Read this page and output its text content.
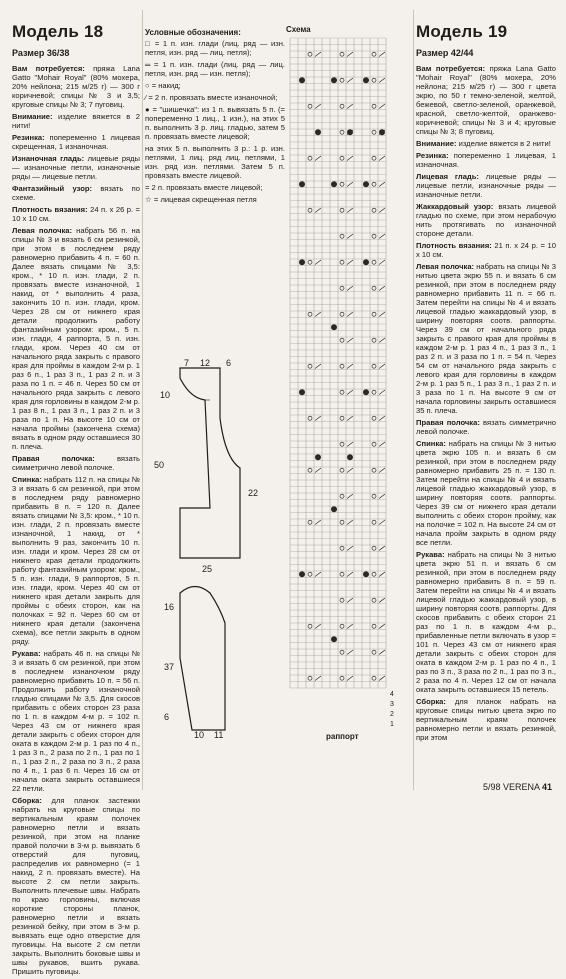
Модель 18
Размер 36/38

Вам потребуется: пряжа Lana Gatto "Mohair Royal" (80% мохера, 20% нейлона; 215 м/25 г) — 300 г коричневой; спицы № 3 и 3,5; круговые спицы № 3; 7 пуговиц.

Внимание: изделие вяжется в 2 нити!

Резинка: попеременно 1 лицевая скрещенная, 1 изнаночная.

Изнаночная гладь: лицевые ряды — изнаночные петли, изнаночные ряды — лицевые петли.

Фантазийный узор: вязать по схеме.

Плотность вязания: 24 п. x 26 р. = 10 x 10 см.

Левая полочка: набрать 56 п. на спицы № 3 и вязать 6 см резинкой, при этом в последнем ряду равномерно прибавить 4 п. = 60 п. Далее вязать спицами № 3,5: кром., * 10 п. изн. глади, 2 п. провязать вместе изнаночной, 1 накид, от * выполнить 4 раза, закончить 10 п. изн. глади, кром. Через 28 см от нижнего края детали продолжить работу фантазийным узором: кром., 5 п. изн. глади, 4 раппорта, 5 п. изн. глади, кром. Через 40 см от начального ряда закрыть с правого края для проймы в каждом 2-м р. 1 раз 6 п., 1 раз 3 п., 1 раз 2 п. и 3 раза по 1 п. = 46 п. Через 50 см от начального ряда закрыть с левого края для горловины в каждом 2-м р. 1 раз 8 п., 1 раз 3 п., 1 раз 2 п. и 3 раза по 1 п. На высоте 10 см от начала проймы (закончена схема) вязать в одном ряду оставшиеся 30 п. плеча.

Правая полочка:	вязать симметрично левой полочке.

Спинка: набрать 112 п. на спицы № 3 и вязать 6 см резинкой, при этом в последнем ряду равномерно прибавить 8 п. = 120 п. Далее вязать спицами № 3,5: кром., * 10 п. изн. глади, 2 п. провязать вместе изнаночной, 1 накид, от * выполнить 9 раз, закончить 10 п. изн. глади и кром. Через 28 см от нижнего края детали продолжить работу фантазийным узором: кром., 5 п. изн. глади, 9 раппортов, 5 п. изн. глади, кром. Через 40 см от нижнего края детали закрыть для проймы с обеих сторон, как на полочках = 92 п. Через 60 см от нижнего края детали (закончена схема), все петли закрыть в одном ряду.

Рукава: набрать 46 п. на спицы № 3 и вязать 6 см резинкой, при этом в последнем изнаночном ряду равномерно прибавить 10 п. = 56 п. Продолжить работу изнаночной гладью спицами № 3,5. Для скосов прибавить с обеих сторон 23 раза по 1 п. в каждом 4-м р. = 102 п. Через 43 см от нижнего края детали закрыть с обеих сторон для оката в каждом 2-м р. 1 раз по 4 п., 1 раз 3 п., 2 раза по 2 п., 1 раз по 1 п., 1 раз 2 п., 2 раза по 3 п., 2 раза по 4 п., 1 раз 6 п. Через 16 см от начала оката закрыть оставшиеся 22 петли.

Сборка: для планок застежки набрать на круговые спицы по вертикальным краям полочек равномерно петли и вязать резинкой, при этом на планке правой полочки в 3-м р. вывязать 6 отверстий для пуговиц, распределив их равномерно (= 1 накид, 2 п. провязать вместе). На высоте 2 см петли закрыть. Выполнить плечевые швы. Набрать по краю горловины, включая короткие стороны планок, равномерно петли и вязать резинкой бейку, при этом в 3-м р. вывязать еще одно отверстие для пуговицы. На высоте 2 см петли закрыть. Выполнить боковые швы и швы рукавов, вшить рукава. Пришить пуговицы.

Условные обозначения:

□ = 1 п. изн. глади (лиц. ряд — изн. петля, изн. ряд — лиц. петля);

═ = 1 п. изн. глади (лиц. ряд — лиц. петля, изн. ряд — изн. петля);

○ = накид;

⁄ = 2 п. провязать вместе изнаночной;

● = "шишечка": из 1 п. вывязать 5 п. (= попеременно 1 лиц., 1 изн.), на этих 5 п. выполнить 3 р. лиц. гладью, затем 5 п. провязать вместе лицевой;

на этих 5 п. выполнить 3 р.: 1 р. изн. петлями, 1 лиц. ряд лиц. петлями, 1 изн. ряд изн. петлями. Затем 5 п. провязать вместе лицевой.

= 2 п. провязать вместе лицевой;

☆ = лицевая скрещенная петля

7 12 6
10
50
22
25
16
37
6
10 11
Схема
4
3
2
1
раппорт
Модель 19
Размер 42/44

Вам потребуется: пряжа Lana Gatto "Mohair Royal" (80% мохера, 20% нейлона; 215 м/25 г) — 300 г цвета экрю, по 50 г темно-зеленой, желтой, бежевой, светло-зеленой, оранжевой, красной, светло-желтой, оранжево-коричневой; спицы № 3 и 4; круговые спицы № 3; 8 пуговиц.

Внимание: изделие вяжется в 2 нити!

Резинка: попеременно 1 лицевая, 1 изнаночная.

Лицевая гладь: лицевые ряды — лицевые петли, изнаночные ряды — изнаночные петли.

Жаккардовый узор: вязать лицевой гладью по схеме, при этом нерабочую нить протягивать по изнаночной стороне детали.

Плотность вязания: 21 п. x 24 р. = 10 x 10 см.

Левая полочка: набрать на спицы № 3 нитью цвета экрю 55 п. и вязать 6 см резинкой, при этом в последнем ряду равномерно прибавить 11 п. = 66 п. Затем перейти на спицы № 4 и вязать лицевой гладью жаккардовый узор, в ширину повторяя соотв. раппорты. Через 39 см от начального ряда закрыть с правого края для проймы в каждом 2-м р. 1 раз 4 п., 1 раз 3 п., 1 раз 2 п. и 3 раза по 1 п. = 54 п. Через 54 см от начального ряда закрыть с левого края для горловины в каждом 2-м р. 1 раз 5 п., 1 раз 3 п., 1 раз 2 п. и 3 раза по 1 п. На высоте 9 см от начала горловины закрыть оставшиеся 35 п. плеча.

Правая полочка: вязать симметрично левой полочке.

Спинка: набрать на спицы № 3 нитью цвета экрю 105 п. и вязать 6 см резинкой, при этом в последнем ряду равномерно прибавить 25 п. = 130 п. Затем перейти на спицы № 4 и вязать лицевой гладью жаккардовый узор, в ширину повторяя соотв. раппорты. Через 39 см от нижнего края детали выполнить с обеих сторон пройму, как на полочке = 102 п. На высоте 24 см от начала пройм закрыть в одном ряду все петли.

Рукава: набрать на спицы № 3 нитью цвета экрю 51 п. и вязать 6 см резинкой, при этом в последнем ряду равномерно прибавить 8 п. = 59 п. Затем перейти на спицы № 4 и вязать лицевой гладью жаккардовый узор, в ширину повторяя соотв. раппорты. Для скосов прибавить с обеих сторон 21 раз по 1 п. в каждом 4-м р., прибавленные петли включать в узор = 101 п. Через 43 см от нижнего края детали закрыть с обеих сторон для оката в каждом 2-м р. 1 раз по 4 п., 1 раз по 3 п., 3 раза по 2 п., 1 раз по 3 п., 2 раза по 4 п. Через 12 см от начала оката закрыть оставшиеся 15 петель.

Сборка: для планок набрать на круговые спицы нитью цвета экрю по вертикальным краям полочек равномерно петли и вязать резинкой, при этом

5/98 VERENA 41
